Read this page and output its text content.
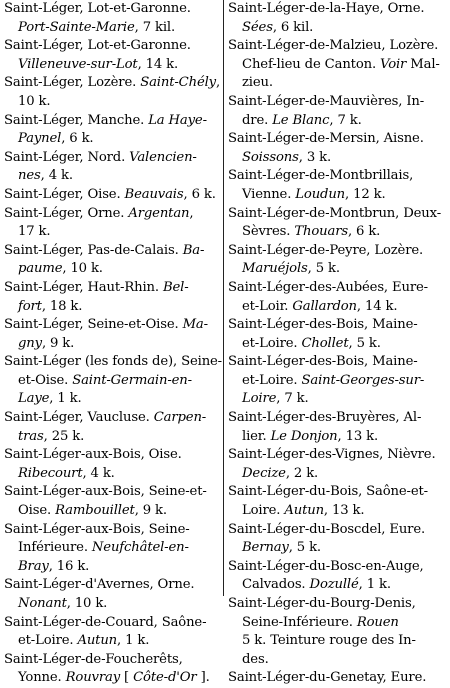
Saint-Léger, Lot-et-Garonne.
Port-Sainte-Marie, 7 kil.
Saint-Léger, Lot-et-Garonne.
Villeneuve-sur-Lot, 14 k.
Saint-Léger, Lozère. Saint-Chély,
10 k.
Saint-Léger, Manche. La Haye-
Paynel, 6 k.
Saint-Léger, Nord. Valencien-
nes, 4 k.
Saint-Léger, Oise. Beauvais, 6 k.
Saint-Léger, Orne. Argentan,
17 k.
Saint-Léger, Pas-de-Calais. Ba-
paume, 10 k.
Saint-Léger, Haut-Rhin. Bel-
fort, 18 k.
Saint-Léger, Seine-et-Oise. Ma-
gny, 9 k.
Saint-Léger (les fonds de), Seine-
et-Oise. Saint-Germain-en-
Laye, 1 k.
Saint-Léger, Vaucluse. Carpen-
tras, 25 k.
Saint-Léger-aux-Bois, Oise.
Ribecourt, 4 k.
Saint-Léger-aux-Bois, Seine-et-
Oise. Rambouillet, 9 k.
Saint-Léger-aux-Bois, Seine-
Inférieure. Neufchâtel-en-
Bray, 16 k.
Saint-Léger-d'Avernes, Orne.
Nonant, 10 k.
Saint-Léger-de-Couard, Saône-
et-Loire. Autun, 1 k.
Saint-Léger-de-Foucherêts,
Yonne. Rouvray [ Côte-d'Or ].
Saint-Léger-de-la-Haye, Orne.
Sées, 6 kil.
Saint-Léger-de-Malzieu, Lozère.
Chef-lieu de Canton. Voir Mal-
zieu.
Saint-Léger-de-Mauvières, In-
dre. Le Blanc, 7 k.
Saint-Léger-de-Mersin, Aisne.
Soissons, 3 k.
Saint-Léger-de-Montbrillais,
Vienne. Loudun, 12 k.
Saint-Léger-de-Montbrun, Deux-
Sèvres. Thouars, 6 k.
Saint-Léger-de-Peyre, Lozère.
Maruéjols, 5 k.
Saint-Léger-des-Aubées, Eure-
et-Loir. Gallardon, 14 k.
Saint-Léger-des-Bois, Maine-
et-Loire. Chollet, 5 k.
Saint-Léger-des-Bois, Maine-
et-Loire. Saint-Georges-sur-
Loire, 7 k.
Saint-Léger-des-Bruyères, Al-
lier. Le Donjon, 13 k.
Saint-Léger-des-Vignes, Nièvre.
Decize, 2 k.
Saint-Léger-du-Bois, Saône-et-
Loire. Autun, 13 k.
Saint-Léger-du-Boscdel, Eure.
Bernay, 5 k.
Saint-Léger-du-Bosc-en-Auge,
Calvados. Dozullé, 1 k.
Saint-Léger-du-Bourg-Denis,
Seine-Inférieure. Rouen
5 k. Teinture rouge des In-
des.
Saint-Léger-du-Genetay, Eure.
